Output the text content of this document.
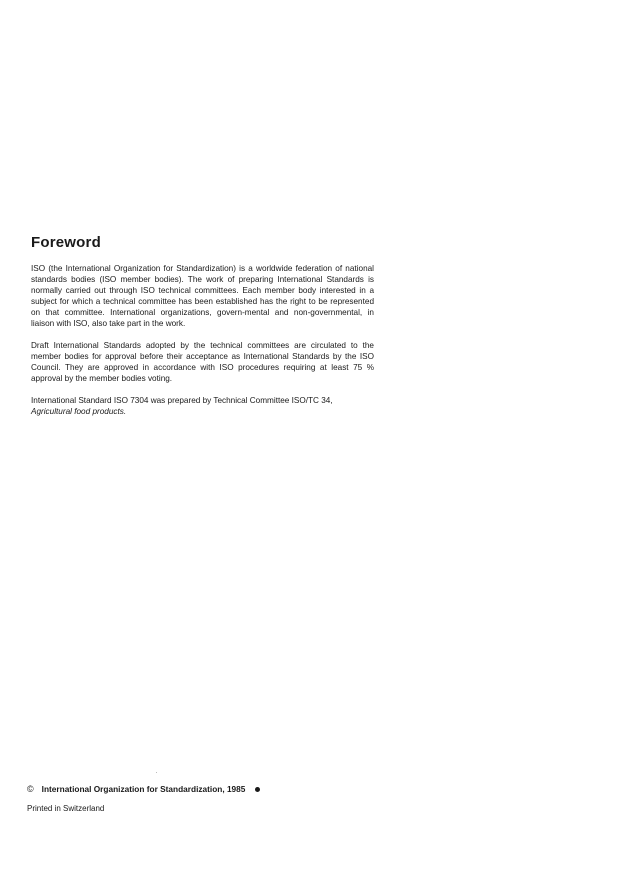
Foreword

ISO (the International Organization for Standardization) is a worldwide federation of national standards bodies (ISO member bodies). The work of preparing International Standards is normally carried out through ISO technical committees. Each member body interested in a subject for which a technical committee has been established has the right to be represented on that committee. International organizations, govern-mental and non-governmental, in liaison with ISO, also take part in the work.

Draft International Standards adopted by the technical committees are circulated to the member bodies for approval before their acceptance as International Standards by the ISO Council. They are approved in accordance with ISO procedures requiring at least 75 % approval by the member bodies voting.

International Standard ISO 7304 was prepared by Technical Committee ISO/TC 34,
Agricultural food products.

© International Organization for Standardization, 1985
Printed in Switzerland
